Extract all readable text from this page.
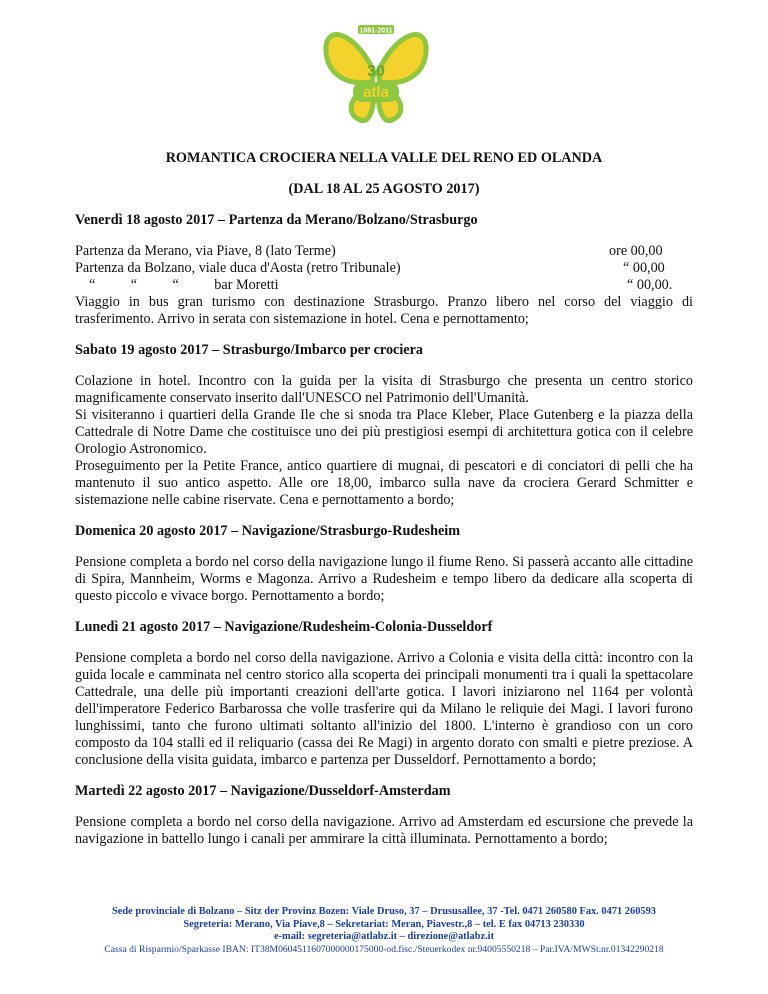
1981-2011
30
atla

ROMANTICA CROCIERA NELLA VALLE DEL RENO ED OLANDA

(DAL 18 AL 25 AGOSTO 2017)

Venerdì 18 agosto 2017 – Partenza da Merano/Bolzano/Strasburgo

Partenza da Merano, via Piave, 8 (lato Terme)	ore 00,00
Partenza da Bolzano, viale duca d'Aosta (retro Tribunale)	“ 00,00
“          “          “          bar Moretti	“ 00,00.

Viaggio in bus gran turismo con destinazione Strasburgo. Pranzo libero nel corso del viaggio di trasferimento. Arrivo in serata con sistemazione in hotel. Cena e pernottamento;

Sabato 19 agosto 2017 – Strasburgo/Imbarco per crociera

Colazione in hotel. Incontro con la guida per la visita di Strasburgo che presenta un centro storico magnificamente conservato inserito dall'UNESCO nel Patrimonio dell'Umanità.

Si visiteranno i quartieri della Grande Ile che si snoda tra Place Kleber, Place Gutenberg e la piazza della Cattedrale di Notre Dame che costituisce uno dei più prestigiosi esempi di architettura gotica con il celebre Orologio Astronomico.

Proseguimento per la Petite France, antico quartiere di mugnai, di pescatori e di conciatori di pelli che ha mantenuto il suo antico aspetto. Alle ore 18,00, imbarco sulla nave da crociera Gerard Schmitter e sistemazione nelle cabine riservate. Cena e pernottamento a bordo;

Domenica 20 agosto 2017 – Navigazione/Strasburgo-Rudesheim

Pensione completa a bordo nel corso della navigazione lungo il fiume Reno. Si passerà accanto alle cittadine di Spira, Mannheim, Worms e Magonza. Arrivo a Rudesheim e tempo libero da dedicare alla scoperta di questo piccolo e vivace borgo. Pernottamento a bordo;

Lunedì 21 agosto 2017 – Navigazione/Rudesheim-Colonia-Dusseldorf

Pensione completa a bordo nel corso della navigazione. Arrivo a Colonia e visita della città: incontro con la guida locale e camminata nel centro storico alla scoperta dei principali monumenti tra i quali la spettacolare Cattedrale, una delle più importanti creazioni dell'arte gotica. I lavori iniziarono nel 1164 per volontà dell'imperatore Federico Barbarossa che volle trasferire qui da Milano le reliquie dei Magi. I lavori furono lunghissimi, tanto che furono ultimati soltanto all'inizio del 1800. L'interno è grandioso con un coro composto da 104 stalli ed il reliquario (cassa dei Re Magi) in argento dorato con smalti e pietre preziose. A conclusione della visita guidata, imbarco e partenza per Dusseldorf. Pernottamento a bordo;

Martedì 22 agosto 2017 – Navigazione/Dusseldorf-Amsterdam

Pensione completa a bordo nel corso della navigazione. Arrivo ad Amsterdam ed escursione che prevede la navigazione in battello lungo i canali per ammirare la città illuminata. Pernottamento a bordo;

Sede provinciale di Bolzano – Sitz der Provinz Bozen: Viale Druso, 37 – Drususallee, 37 -Tel. 0471 260580 Fax. 0471 260593
Segreteria: Merano, Via Piave,8 – Sekretariat: Meran, Piavestr.,8 – tel. E fax 04713 230330
e-mail: segreteria@atlabz.it – direzione@atlabz.it
Cassa di Risparmio/Sparkasse IBAN: IT38M0604511607000000175000-od.fisc./Steuerkodex nr.94005550218 – Par.IVA/MWSt.nr.01342290218
